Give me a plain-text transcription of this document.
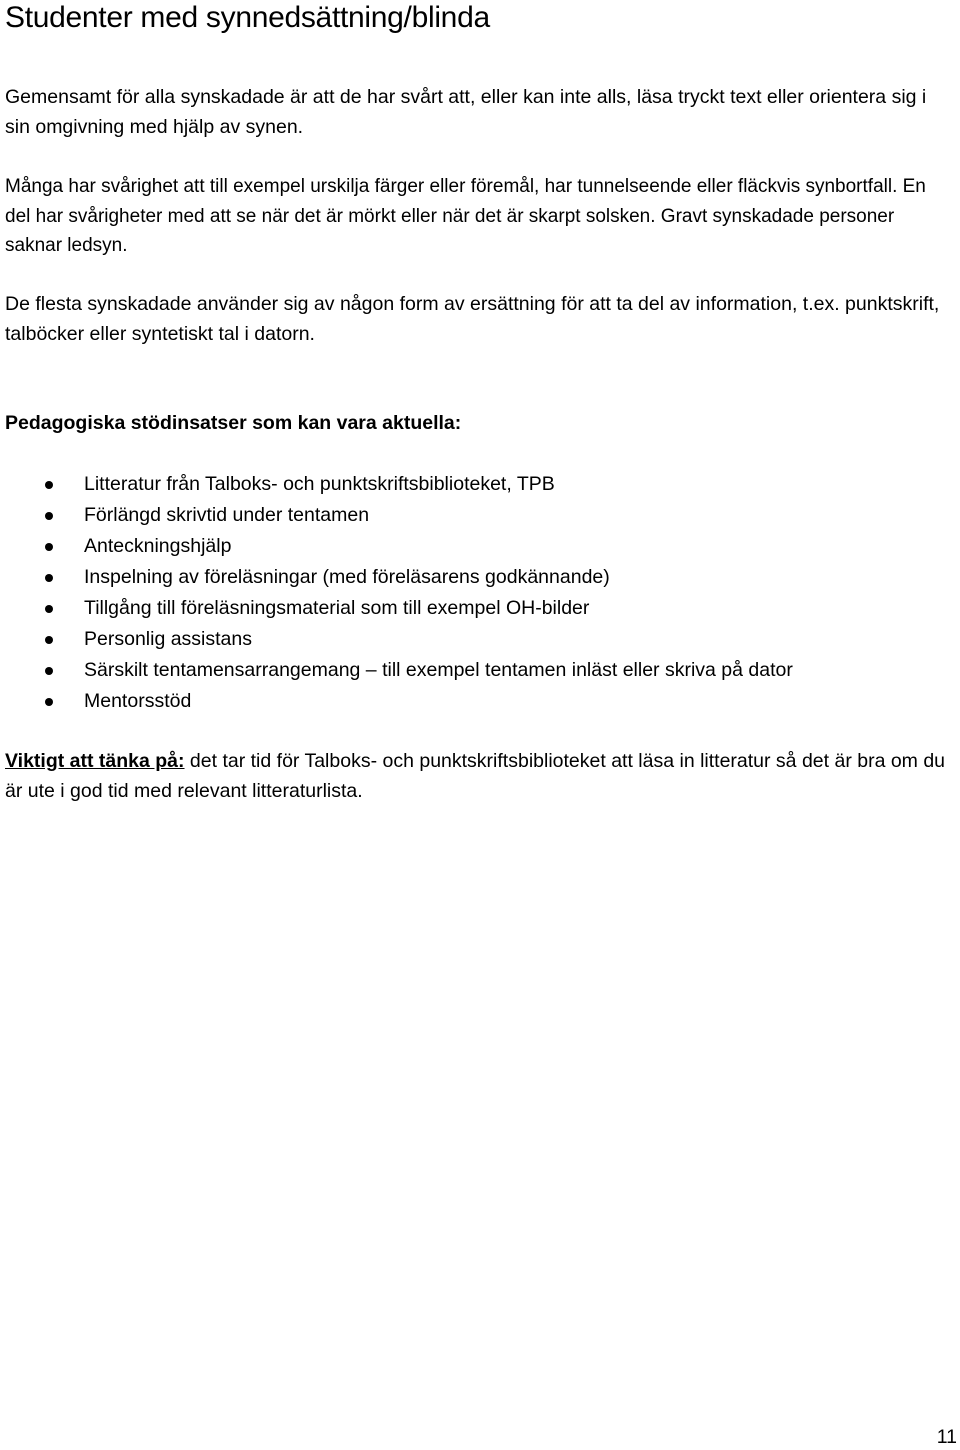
Studenter med synnedsättning/blinda

Gemensamt för alla synskadade är att de har svårt att, eller kan inte alls, läsa tryckt text eller orientera sig i sin omgivning med hjälp av synen.

Många har svårighet att till exempel urskilja färger eller föremål, har tunnelseende eller fläckvis synbortfall. En del har svårigheter med att se när det är mörkt eller när det är skarpt solsken. Gravt synskadade personer saknar ledsyn.

De flesta synskadade använder sig av någon form av ersättning för att ta del av information, t.ex. punktskrift, talböcker eller syntetiskt tal i datorn.

Pedagogiska stödinsatser som kan vara aktuella:
Litteratur från Talboks- och punktskriftsbiblioteket, TPB
Förlängd skrivtid under tentamen
Anteckningshjälp
Inspelning av föreläsningar (med föreläsarens godkännande)
Tillgång till föreläsningsmaterial som till exempel OH-bilder
Personlig assistans
Särskilt tentamensarrangemang – till exempel tentamen inläst eller skriva på dator
Mentorsstöd

Viktigt att tänka på: det tar tid för Talboks- och punktskriftsbiblioteket att läsa in litteratur så det är bra om du är ute i god tid med relevant litteraturlista.

11
